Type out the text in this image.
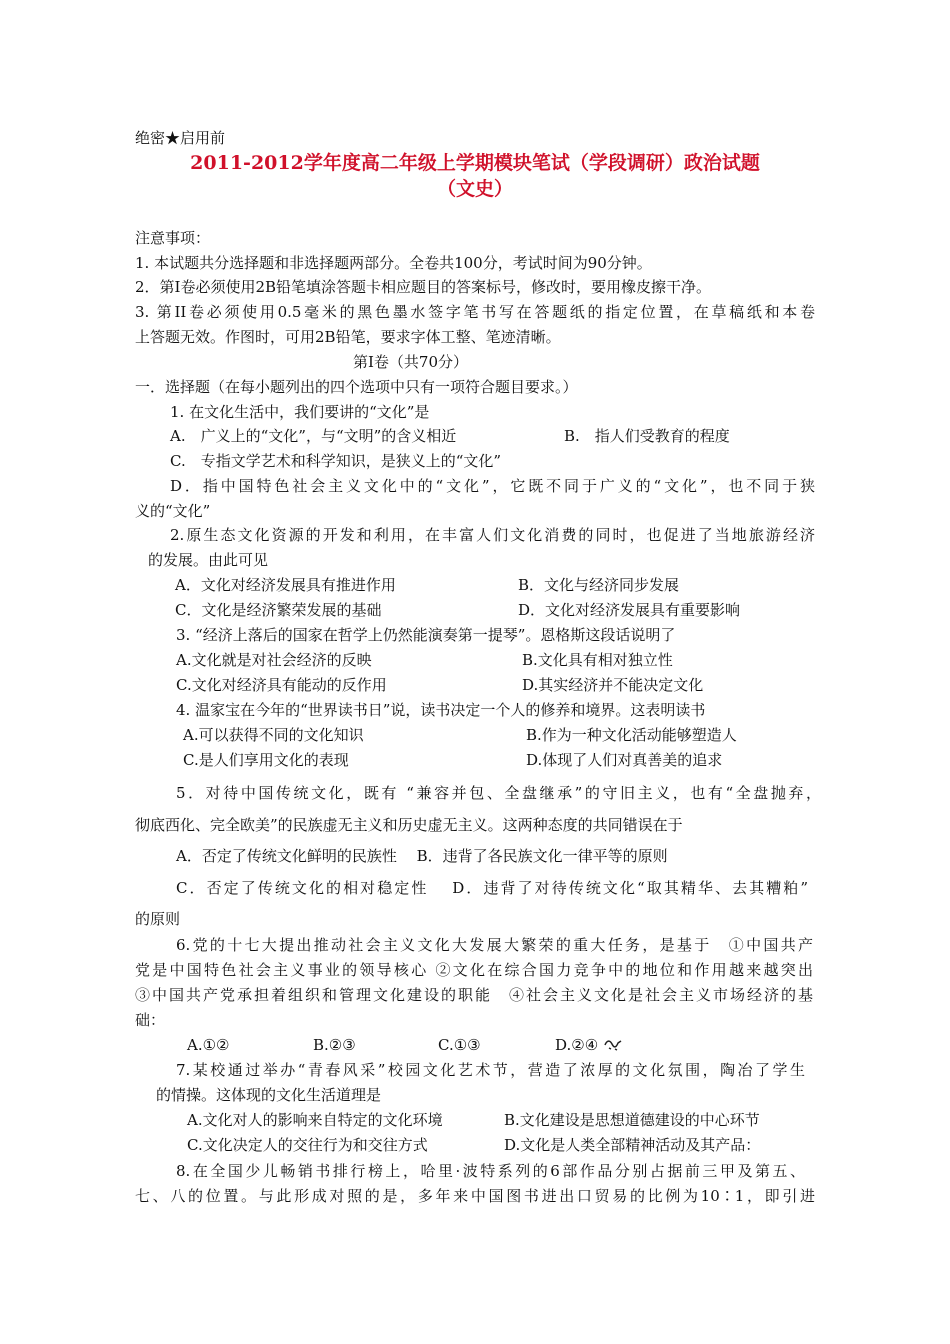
绝密★启用前
2011-2012学年度高二年级上学期模块笔试（学段调研）政治试题
（文史）
注意事项：
1. 本试题共分选择题和非选择题两部分。全卷共100分，考试时间为90分钟。
2．第I卷必须使用2B铅笔填涂答题卡相应题目的答案标号，修改时，要用橡皮擦干净。
3. 第II卷必须使用0.5毫米的黑色墨水签字笔书写在答题纸的指定位置，在草稿纸和本卷
上答题无效。作图时，可用2B铅笔，要求字体工整、笔迹清晰。
第Ⅰ卷（共70分）
一．选择题（在每小题列出的四个选项中只有一项符合题目要求。）
1. 在文化生活中，我们要讲的“文化”是
A.　广义上的“文化”，与“文明”的含义相近	B.　指人们受教育的程度
C.　专指文学艺术和科学知识，是狭义上的“文化”
D．指中国特色社会主义文化中的“文化”，它既不同于广义的“文化”，也不同于狭
义的“文化”
2.原生态文化资源的开发和利用，在丰富人们文化消费的同时，也促进了当地旅游经济
的发展。由此可见
A．文化对经济发展具有推进作用	B．文化与经济同步发展
C．文化是经济繁荣发展的基础	D．文化对经济发展具有重要影响
3. “经济上落后的国家在哲学上仍然能演奏第一提琴”。恩格斯这段话说明了
A.文化就是对社会经济的反映	B.文化具有相对独立性
C.文化对经济具有能动的反作用	D.其实经济并不能决定文化
4. 温家宝在今年的“世界读书日”说，读书决定一个人的修养和境界。这表明读书
A.可以获得不同的文化知识	B.作为一种文化活动能够塑造人
C.是人们享用文化的表现	D.体现了人们对真善美的追求
5．对待中国传统文化，既有 “兼容并包、全盘继承”的守旧主义，也有“全盘抛弃，
彻底西化、完全欧美”的民族虚无主义和历史虚无主义。这两种态度的共同错误在于
A．否定了传统文化鲜明的民族性　 B．违背了各民族文化一律平等的原则
C．否定了传统文化的相对稳定性　 D．违背了对待传统文化“取其精华、去其糟粕”
的原则
6.党的十七大提出推动社会主义文化大发展大繁荣的重大任务，是基于　①中国共产
党是中国特色社会主义事业的领导核心 ②文化在综合国力竞争中的地位和作用越来越突出
③中国共产党承担着组织和管理文化建设的职能　④社会主义文化是社会主义市场经济的基
础：
A.①②	B.②③	C.①③	D.②④
7.某校通过举办“青春风采”校园文化艺术节，营造了浓厚的文化氛围，陶冶了学生
的情操。这体现的文化生活道理是
A.文化对人的影响来自特定的文化环境	B.文化建设是思想道德建设的中心环节
C.文化决定人的交往行为和交往方式	D.文化是人类全部精神活动及其产品：
8.在全国少儿畅销书排行榜上，哈里·波特系列的6部作品分别占据前三甲及第五、
七、八的位置。与此形成对照的是，多年来中国图书进出口贸易的比例为10∶1，即引进
